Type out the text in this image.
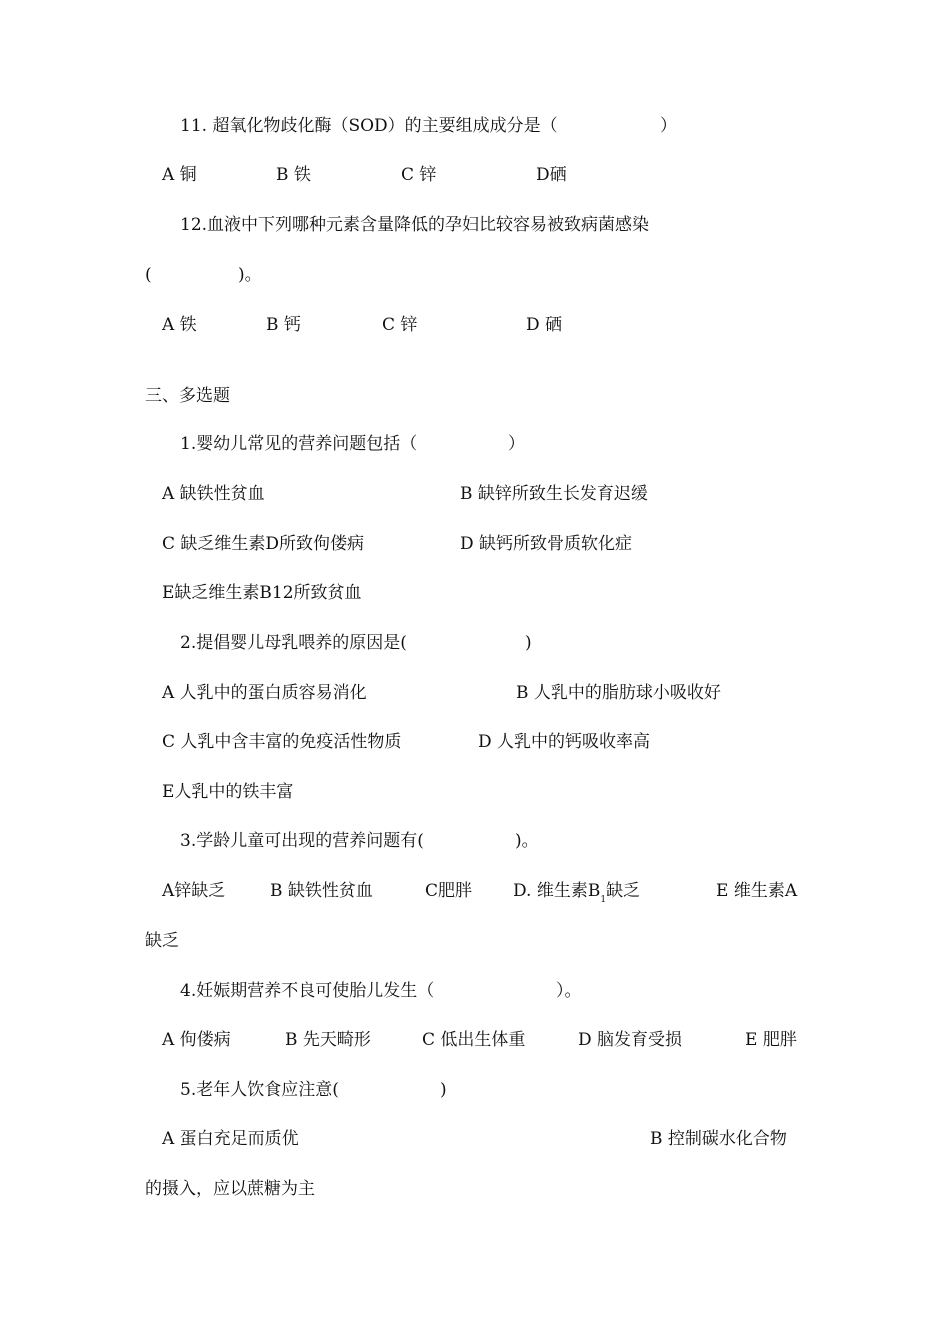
11. 超氧化物歧化酶（SOD）的主要组成成分是（	）
A 铜	B 铁	C 锌	D硒
12.血液中下列哪种元素含量降低的孕妇比较容易被致病菌感染
(	)。
A 铁	B 钙	C 锌	D 硒
三、多选题
1.婴幼儿常见的营养问题包括（	）
A 缺铁性贫血	B 缺锌所致生长发育迟缓
C 缺乏维生素D所致佝偻病	D 缺钙所致骨质软化症
E缺乏维生素B12所致贫血
2.提倡婴儿母乳喂养的原因是(	)
A 人乳中的蛋白质容易消化	B 人乳中的脂肪球小吸收好
C 人乳中含丰富的免疫活性物质	D 人乳中的钙吸收率高
E人乳中的铁丰富
3.学龄儿童可出现的营养问题有(	)。
A锌缺乏	B 缺铁性贫血	C肥胖 D. 维生素$B_1$缺乏	E 维生素A
缺乏
4.妊娠期营养不良可使胎儿发生（	）。
A 佝偻病	B 先天畸形	C 低出生体重	D 脑发育受损	E 肥胖
5.老年人饮食应注意(	)
A 蛋白充足而质优	B 控制碳水化合物
的摄入，应以蔗糖为主
